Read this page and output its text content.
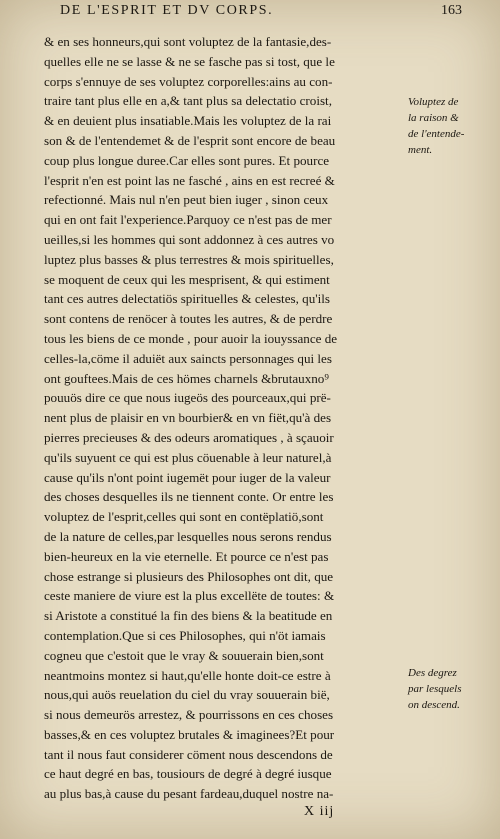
DE L'ESPRIT ET DV CORPS.	163
& en ses honneurs,qui sont voluptez de la fantasie,des-
quelles elle ne se lasse & ne se fasche pas si tost, que le
corps s'ennuye de ses voluptez corporelles:ains au con-
traire tant plus elle en a,& tant plus sa delectatio croist,
& en deuient plus insatiable.Mais les voluptez de la rai
son & de l'entendemet & de l'esprit sont encore de beau
coup plus longue duree.Car elles sont pures. Et pource
l'esprit n'en est point las ne fasché , ains en est recreé &
refectionné. Mais nul n'en peut bien iuger , sinon ceux
qui en ont fait l'experience.Parquoy ce n'est pas de mer
ueilles,si les hommes qui sont addonnez à ces autres vo
luptez plus basses & plus terrestres & mois spirituelles,
se moquent de ceux qui les mesprisent, & qui estiment
tant ces autres delectatiös spirituelles & celestes, qu'ils
sont contens de renöcer à toutes les autres, & de perdre
tous les biens de ce monde , pour auoir la iouyssance de
celles-la,cöme il aduiët aux saincts personnages qui les
ont gouftees.Mais de ces hömes charnels &brutauxno⁹
pouuös dire ce que nous iugeös des pourceaux,qui prë-
nent plus de plaisir en vn bourbier& en vn fiët,qu'à des
pierres precieuses & des odeurs aromatiques , à sçauoir
qu'ils suyuent ce qui est plus cöuenable à leur naturel,à
cause qu'ils n'ont point iugemët pour iuger de la valeur
des choses desquelles ils ne tiennent conte. Or entre les
voluptez de l'esprit,celles qui sont en contëplatiö,sont
de la nature de celles,par lesquelles nous serons rendus
bien-heureux en la vie eternelle. Et pource ce n'est pas
chose estrange si plusieurs des Philosophes ont dit, que
ceste maniere de viure est la plus excellëte de toutes: &
si Aristote a constitué la fin des biens & la beatitude en
contemplation.Que si ces Philosophes, qui n'öt iamais
cogneu que c'estoit que le vray & souuerain bien,sont
neantmoins montez si haut,qu'elle honte doit-ce estre à
nous,qui auös reuelation du ciel du vray souuerain bië,
si nous demeurös arrestez, & pourrissons en ces choses
basses,& en ces voluptez brutales & imaginees?Et pour
tant il nous faut considerer cöment nous descendons de
ce haut degré en bas, tousiours de degré à degré iusque
au plus bas,à cause du pesant fardeau,duquel nostre na-
Voluptez de
la raison &
de l'entende-
ment.
Des degrez
par lesquels
on descend.
X iij
